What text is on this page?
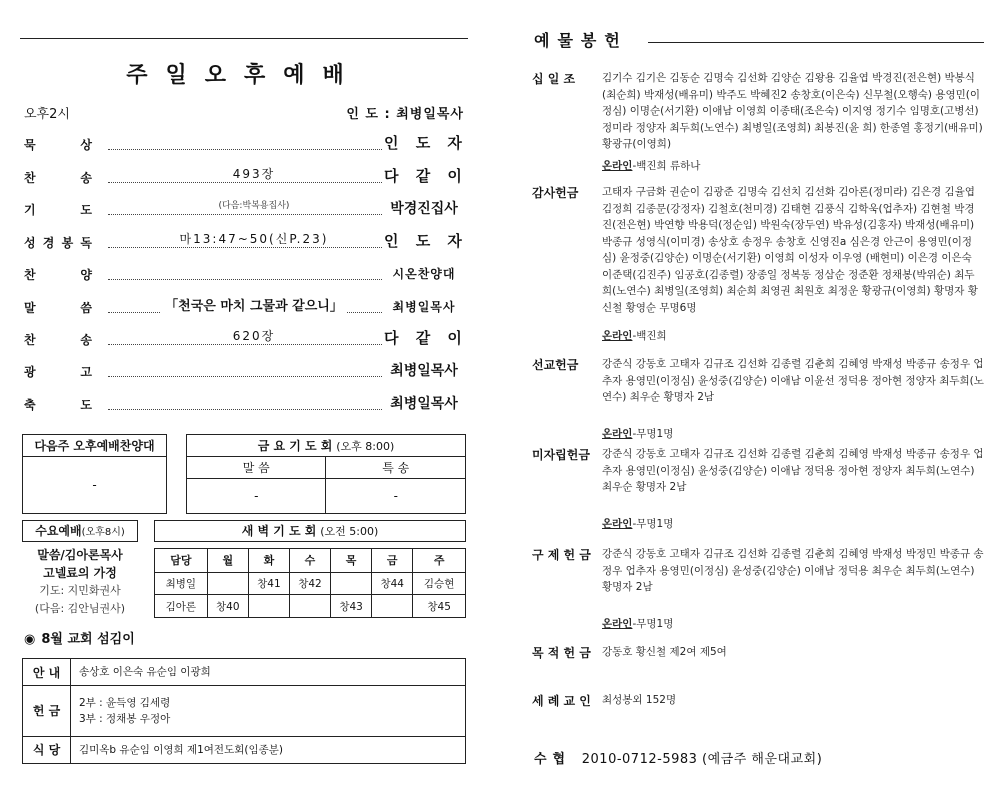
주일오후예배
오후2시	인 도 : 최병일목사
묵	상	인 도 자
찬	송	493장	다 같 이
기	도	(다음:박복용집사)	박경진집사
성 경 봉 독	마13:47~50(신P.23)	인 도 자
찬	양	시온찬양대
말	씀	「천국은 마치 그물과 같으니」	최병일목사
찬	송	620장	다 같 이
광	고	최병일목사
축	도	최병일목사
다음주 오후예배찬양대
-
금 요 기 도 회 (오후 8:00)	
말 씀	특 송
-	-
수요예배(오후8시)
말씀/김아론목사
고넬료의 가정
기도: 지민화권사
(다음: 김안님권사)
새 벽 기 도 회 (오전 5:00)
담당	월	화	수	목	금	주
최병일		창41	창42		창44	김승현
김아론	창40			창43		창45
◉ 8월 교회 섬김이
안 내	송상호 이은숙 유순임 이광희

헌 금	2부 : 윤득영 김세령
3부 : 정채봉 우정아

식 당	김미옥b 유순임 이영희 제1여전도회(임종분)
예물봉헌
십 일 조	김기수 김기은 김동순 김명숙 김선화 김양순 김왕용 김율엽 박경진(전은현) 박봉식(최순희) 박재성(배유미) 박주도 박혜진2 송창호(이은숙) 신무철(오행숙) 용영민(이정심) 이명순(서기환) 이애남 이영희 이종태(조은숙) 이지영 정기수 임명호(고병선) 정미라 정양자 최두희(노연수) 최병일(조영희) 최봉진(윤 희) 한종열 홍정기(배유미) 황광규(이영희)
온라인-백진희 류하나
감사헌금	고태자 구금화 권순이 김광준 김명숙 김선치 김선화 김아론(정미라) 김은경 김율엽 김정희 김종문(강정자) 김철호(천미경) 김태현 김풍식 김학욱(업추자) 김현철 박경진(전은현) 박연향 박용덕(정순임) 박원숙(장두연) 박유성(김홍자) 박재성(배유미) 박종규 성영식(이미경) 송상호 송정우 송창호 신영진a 심은경 안근이 용영민(이정심) 윤정중(김양순) 이명순(서기환) 이영희 이성자 이우영 (배현미) 이은경 이은숙 이준택(김진주) 임공호(김종렬) 장종일 정복동 정삼순 정준환 정채봉(박위순) 최두희(노연수) 최병일(조영희) 최순희 최영권 최원호 최정운 황광규(이영희) 황명자 황신철 황영순 무명6명
온라인-백진희
선교헌금	강준식 강동호 고태자 김규조 김선화 김종렬 김춘희 김혜영 박재성 박종규 송정우 업추자 용영민(이정심) 윤성중(김양순) 이애남 이윤선 정덕용 정아현 정양자 최두희(노연수) 최우순 황명자 2남
온라인-무명1명
미자립헌금	강준식 강동호 고태자 김규조 김선화 김종렬 김춘희 김혜영 박재성 박종규 송정우 업추자 용영민(이정심) 윤성중(김양순) 이애남 정덕용 정아현 정양자 최두희(노연수) 최우순 황명자 2남
온라인-무명1명
구 제 헌 금 강준식 강동호 고태자 김규조 김선화 김종렬 김춘희 김혜영 박재성 박정민 박종규 송정우 업추자 용영민(이정심) 윤성중(김양순) 이애남 정덕용 최우순 최두희(노연수) 황명자 2남
온라인-무명1명
목 적 헌 금 강동호 황신철 제2여 제5여
세 례 교 인 최성봉외 152명
수협 2010-0712-5983 (예금주 해운대교회)
